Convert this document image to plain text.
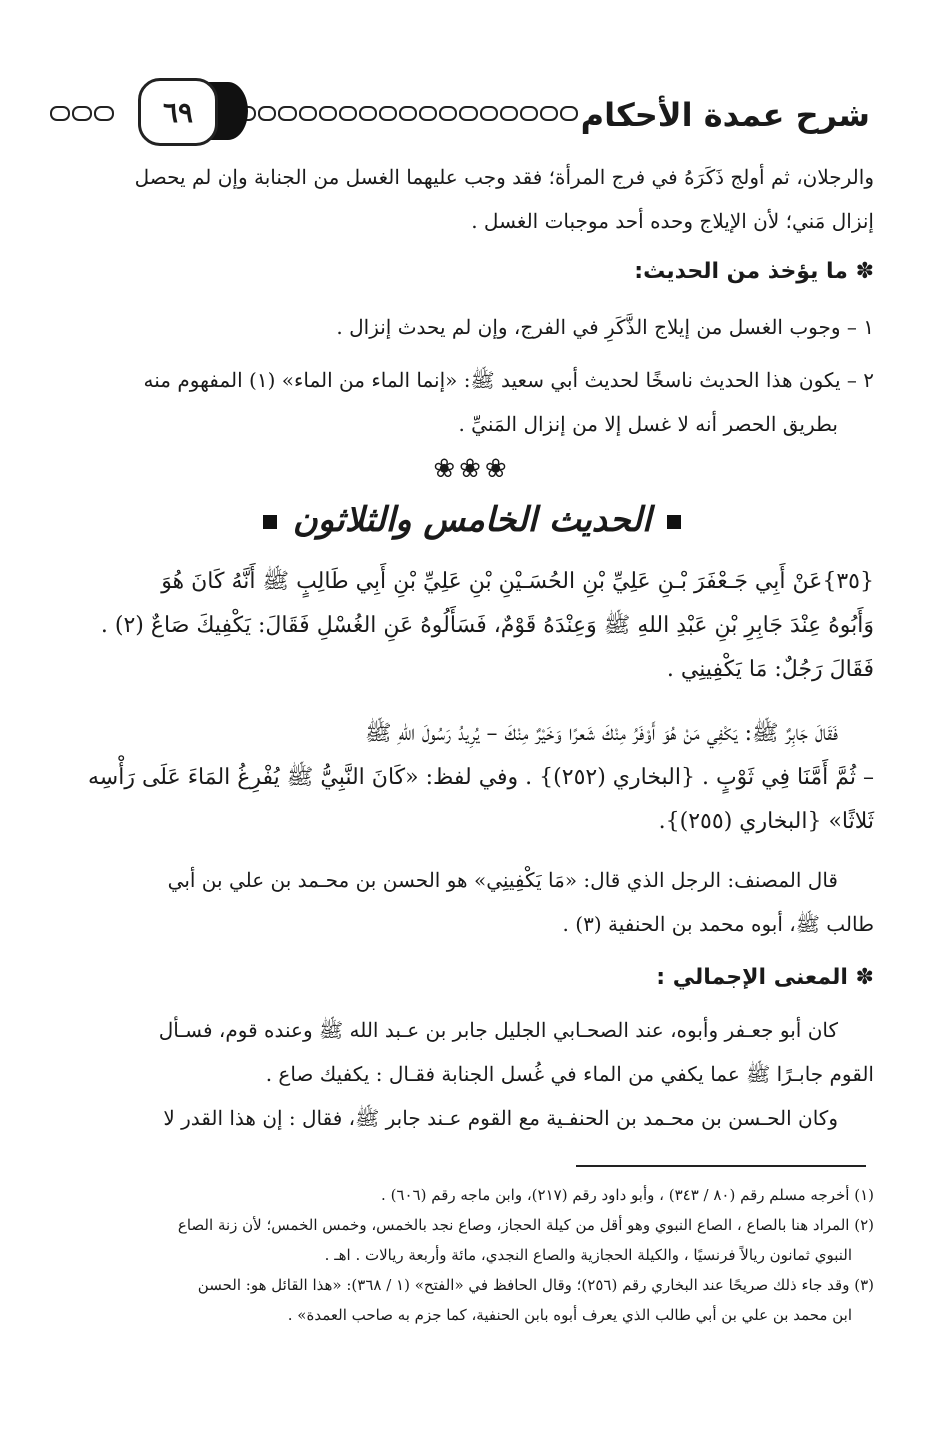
شرح عمدة الأحكام
٦٩

والرجلان، ثم أولج ذَكَرَهُ في فرج المرأة؛ فقد وجب عليهما الغسل من الجنابة وإن لم يحصل

إنزال مَني؛ لأن الإيلاج وحده أحد موجبات الغسل .

✽ ما يؤخذ من الحديث:

١ – وجوب الغسل من إيلاج الذَّكَرِ في الفرج، وإن لم يحدث إنزال .

٢ – يكون هذا الحديث ناسخًا لحديث أبي سعيد ﷺ: «إنما الماء من الماء» (١) المفهوم منه

بطريق الحصر أنه لا غسل إلا من إنزال المَنيِّ .

❀❀❀
الحديث الخامس والثلاثون

{٣٥}عَنْ أَبِي جَـعْفَرَ بْـنِ عَلِيِّ بْنِ الحُسَـيْنِ بْنِ عَلِيِّ بْنِ أَبِي طَالِبٍ ﷺ أَنَّهُ كَانَ هُوَ

وَأَبُوهُ عِنْدَ جَابِرِ بْنِ عَبْدِ اللهِ ﷺ وَعِنْدَهُ قَوْمٌ، فَسَأَلُوهُ عَنِ الغُسْلِ فَقَالَ: يَكْفِيكَ صَاعٌ (٢) .

فَقَالَ رَجُلٌ: مَا يَكْفِينِي .

فَقَالَ جَابِرٌ ﷺ: يَكْفِي مَنْ هُوَ أَوْفَرُ مِنْكَ شَعرًا وَخَيْرٌ مِنْكَ – يُرِيدُ رَسُولَ اللهِ ﷺ

– ثُمَّ أَمَّنَا فِي ثَوْبٍ . {البخاري (٢٥٢)} . وفي لفظ: «كَانَ النَّبِيُّ ﷺ يُفْرِغُ المَاءَ عَلَى رَأْسِه

ثَلاثًا» {البخاري (٢٥٥)}.

قال المصنف: الرجل الذي قال: «مَا يَكْفِينِي» هو الحسن بن محـمد بن علي بن أبي

طالب ﷺ، أبوه محمد بن الحنفية (٣) .

✽ المعنى الإجمالي :

كان أبو جعـفر وأبوه، عند الصحـابي الجليل جابر بن عـبد الله ﷺ وعنده قوم، فسـأل

القوم جابـرًا ﷺ عما يكفي من الماء في غُسل الجنابة فقـال : يكفيك صاع .

وكان الحـسن بن محـمد بن الحنفـية مع القوم عـند جابر ﷺ، فقال : إن هذا القدر لا

(١) أخرجه مسلم رقم (٨٠ / ٣٤٣) ، وأبو داود رقم (٢١٧)، وابن ماجه رقم (٦٠٦) .

(٢) المراد هنا بالصاع ، الصاع النبوي وهو أقل من كيلة الحجاز، وصاع نجد بالخمس، وخمس الخمس؛ لأن زنة الصاع

النبوي ثمانون ريالاً فرنسيًا ، والكيلة الحجازية والصاع النجدي، مائة وأربعة ريالات . اهـ .

(٣) وقد جاء ذلك صريحًا عند البخاري رقم (٢٥٦)؛ وقال الحافظ في «الفتح» (١ / ٣٦٨): «هذا القائل هو: الحسن

ابن محمد بن علي بن أبي طالب الذي يعرف أبوه بابن الحنفية، كما جزم به صاحب العمدة» .
